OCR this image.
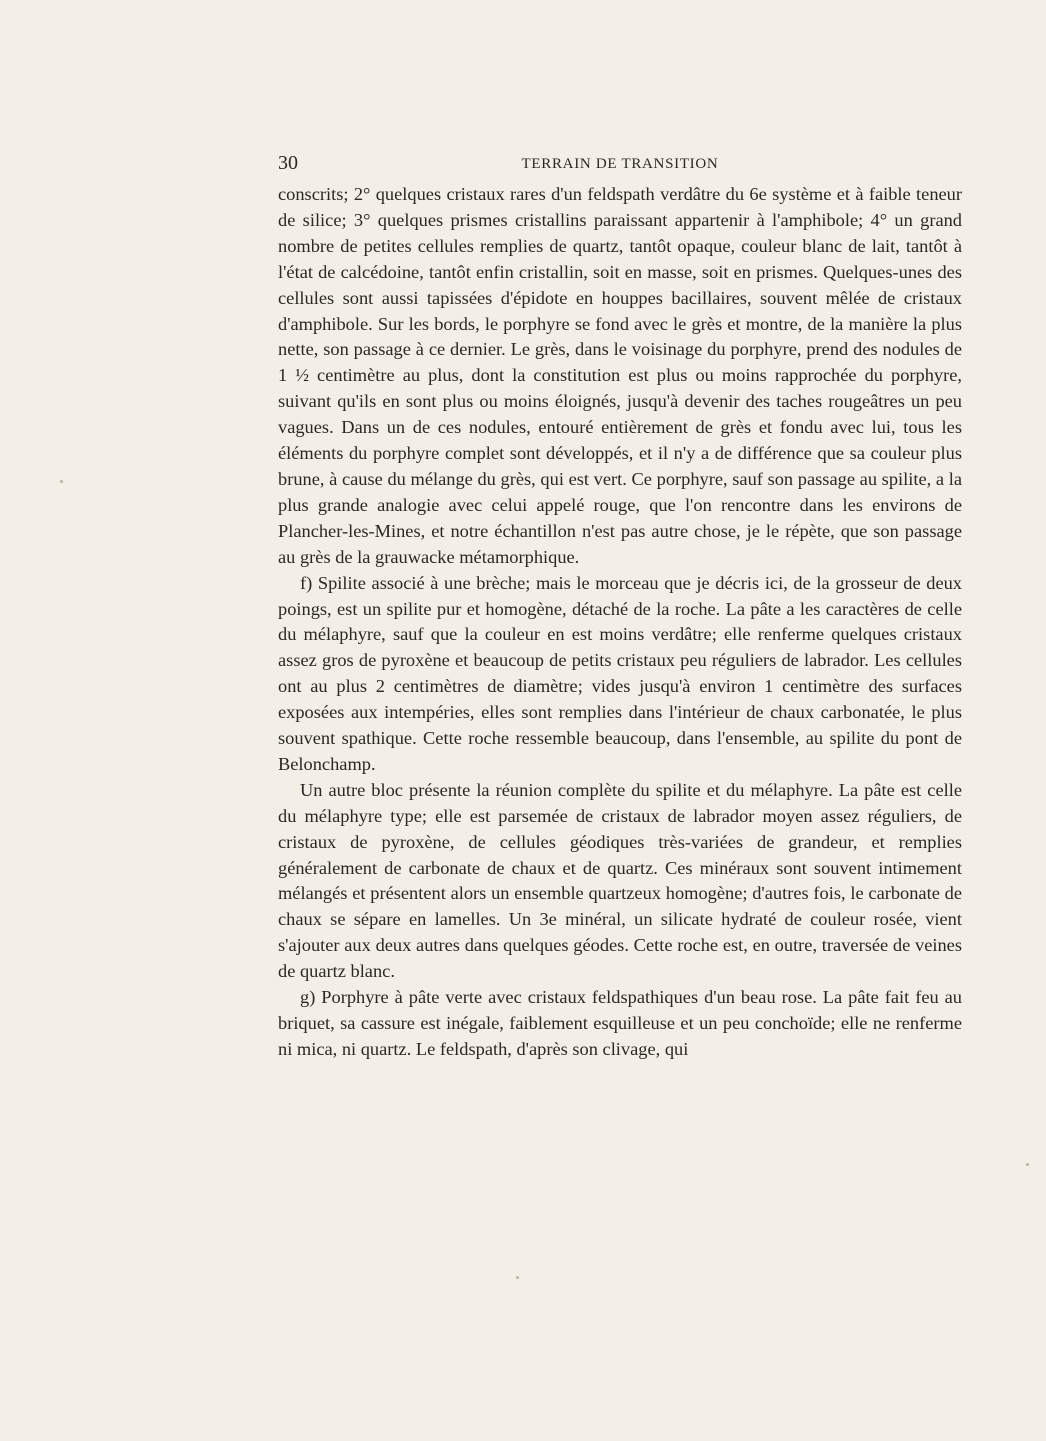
30	TERRAIN DE TRANSITION

conscrits; 2° quelques cristaux rares d'un feldspath verdâtre du 6e système et à faible teneur de silice; 3° quelques prismes cristallins paraissant appartenir à l'amphibole; 4° un grand nombre de petites cellules remplies de quartz, tantôt opaque, couleur blanc de lait, tantôt à l'état de calcédoine, tantôt enfin cristallin, soit en masse, soit en prismes. Quelques-unes des cellules sont aussi tapissées d'épidote en houppes bacillaires, souvent mêlée de cristaux d'amphibole. Sur les bords, le porphyre se fond avec le grès et montre, de la manière la plus nette, son passage à ce dernier. Le grès, dans le voisinage du porphyre, prend des nodules de 1 ½ centimètre au plus, dont la constitution est plus ou moins rapprochée du porphyre, suivant qu'ils en sont plus ou moins éloignés, jusqu'à devenir des taches rougeâtres un peu vagues. Dans un de ces nodules, entouré entièrement de grès et fondu avec lui, tous les éléments du porphyre complet sont développés, et il n'y a de différence que sa couleur plus brune, à cause du mélange du grès, qui est vert. Ce porphyre, sauf son passage au spilite, a la plus grande analogie avec celui appelé rouge, que l'on rencontre dans les environs de Plancher-les-Mines, et notre échantillon n'est pas autre chose, je le répète, que son passage au grès de la grauwacke métamorphique.

f) Spilite associé à une brèche; mais le morceau que je décris ici, de la grosseur de deux poings, est un spilite pur et homogène, détaché de la roche. La pâte a les caractères de celle du mélaphyre, sauf que la couleur en est moins verdâtre; elle renferme quelques cristaux assez gros de pyroxène et beaucoup de petits cristaux peu réguliers de labrador. Les cellules ont au plus 2 centimètres de diamètre; vides jusqu'à environ 1 centimètre des surfaces exposées aux intempéries, elles sont remplies dans l'intérieur de chaux carbonatée, le plus souvent spathique. Cette roche ressemble beaucoup, dans l'ensemble, au spilite du pont de Belonchamp.

Un autre bloc présente la réunion complète du spilite et du mélaphyre. La pâte est celle du mélaphyre type; elle est parsemée de cristaux de labrador moyen assez réguliers, de cristaux de pyroxène, de cellules géodiques très-variées de grandeur, et remplies généralement de carbonate de chaux et de quartz. Ces minéraux sont souvent intimement mélangés et présentent alors un ensemble quartzeux homogène; d'autres fois, le carbonate de chaux se sépare en lamelles. Un 3e minéral, un silicate hydraté de couleur rosée, vient s'ajouter aux deux autres dans quelques géodes. Cette roche est, en outre, traversée de veines de quartz blanc.

g) Porphyre à pâte verte avec cristaux feldspathiques d'un beau rose. La pâte fait feu au briquet, sa cassure est inégale, faiblement esquilleuse et un peu conchoïde; elle ne renferme ni mica, ni quartz. Le feldspath, d'après son clivage, qui
